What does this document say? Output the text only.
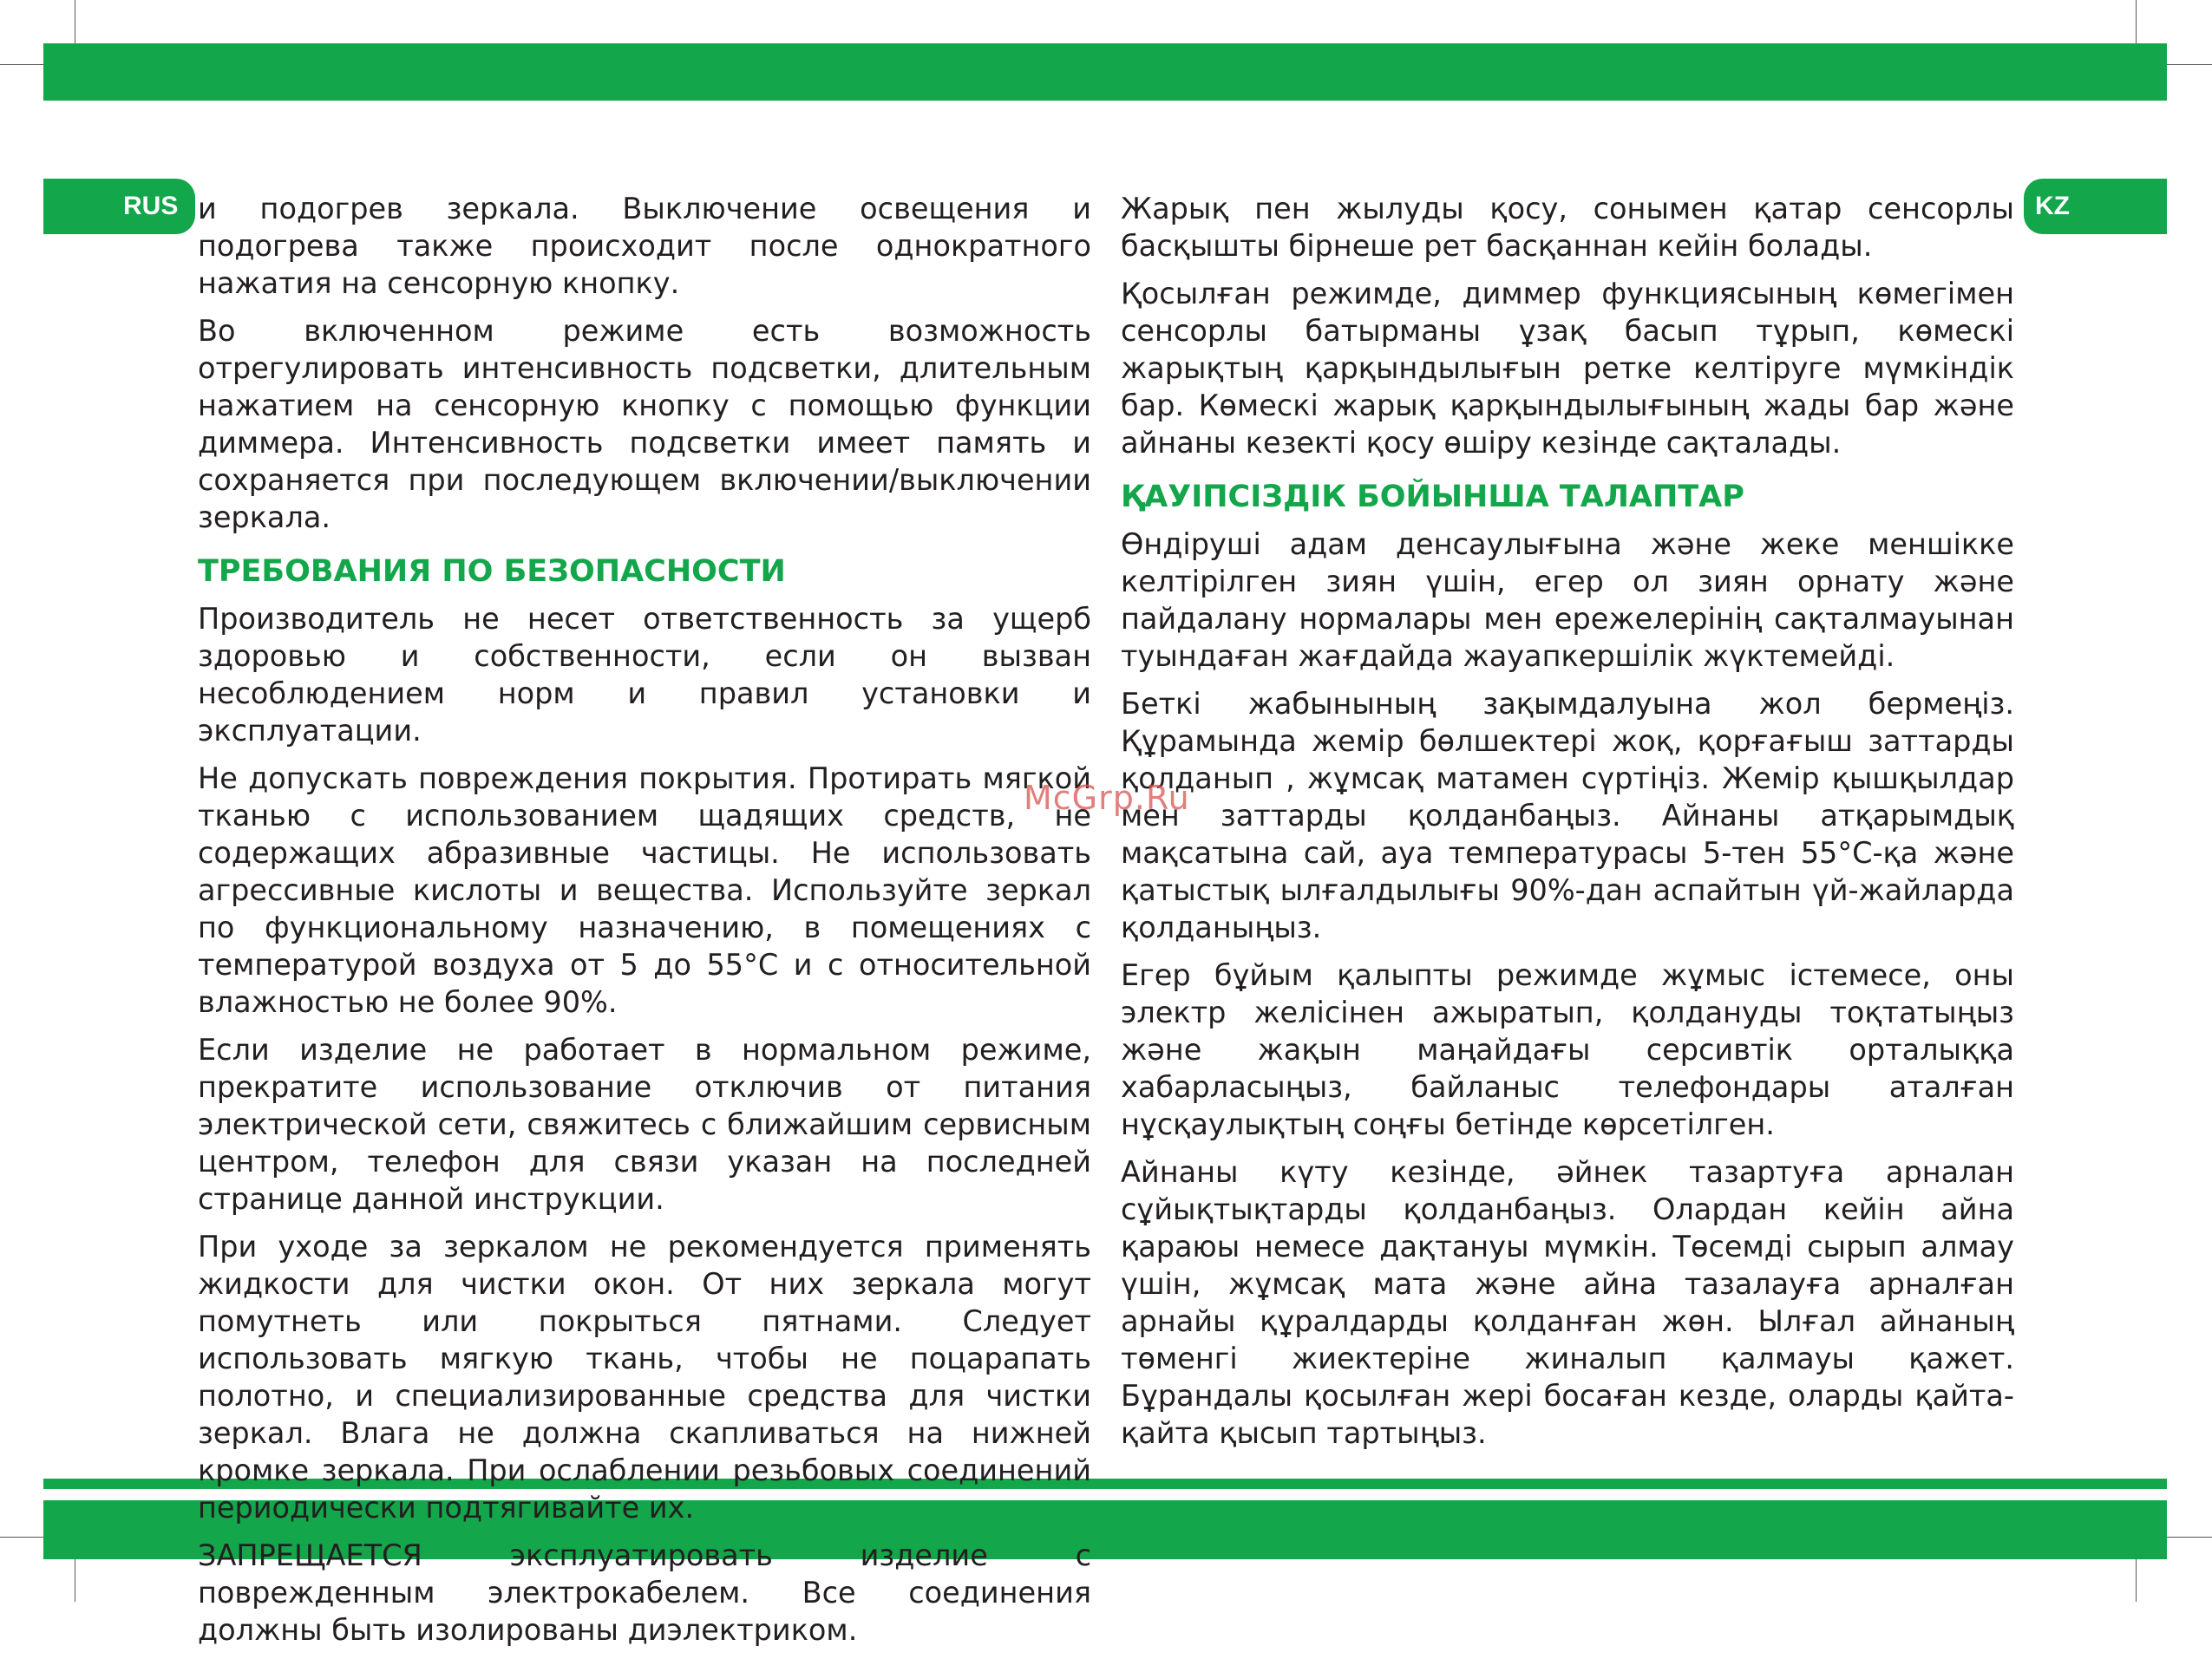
RUS	KZ

и подогрев зеркала. Выключение освещения и подогрева также происходит после однократного нажатия на сенсорную кнопку.

Во включенном режиме есть возможность отрегулировать интенсивность подсветки, длительным нажатием на сенсорную кнопку с помощью функции диммера. Интенсивность подсветки имеет память и сохраняется при последующем включении/выключении зеркала.

ТРЕБОВАНИЯ ПО БЕЗОПАСНОСТИ

Производитель не несет ответственность за ущерб здоровью и собственности, если он вызван несоблюдением норм и правил установки и эксплуатации.

Не допускать повреждения покрытия. Протирать мягкой тканью с использованием щадящих средств, не содержащих абразивные частицы. Не использовать агрессивные кислоты и вещества. Используйте зеркал по функциональному назначению, в помещениях с температурой воздуха от 5 до 55°С и с относительной влажностью не более 90%.

Если изделие не работает в нормальном режиме, прекратите использование отключив от питания электрической сети, свяжитесь с ближайшим сервисным центром, телефон для связи указан на последней странице данной инструкции.

При уходе за зеркалом не рекомендуется применять жидкости для чистки окон. От них зеркала могут помутнеть или покрыться пятнами. Следует использовать мягкую ткань, чтобы не поцарапать полотно, и специализированные средства для чистки зеркал. Влага не должна скапливаться на нижней кромке зеркала. При ослаблении резьбовых соединений периодически подтягивайте их.

ЗАПРЕЩАЕТСЯ эксплуатировать изделие с поврежденным электрокабелем. Все соединения должны быть изолированы диэлектриком.

Жарық пен жылуды қосу, сонымен қатар сенсорлы басқышты бірнеше рет басқаннан кейін болады.

Қосылған режимде, диммер функциясының көмегімен сенсорлы батырманы ұзақ басып тұрып, көмескі жарықтың қарқындылығын ретке келтіруге мүмкіндік бар. Көмескі жарық қарқындылығының жады бар және айнаны кезекті қосу өшіру кезінде сақталады.

ҚАУІПСІЗДІК БОЙЫНША ТАЛАПТАР

Өндіруші адам денсаулығына және жеке меншікке келтірілген зиян үшін, егер ол зиян орнату және пайдалану нормалары мен ережелерінің сақталмауынан туындаған жағдайда жауапкершілік жүктемейді.

Беткі жабынының зақымдалуына жол бермеңіз. Құрамында жемір бөлшектері жоқ, қорғағыш заттарды қолданып , жұмсақ матамен сүртіңіз. Жемір қышқылдар мен заттарды қолданбаңыз. Айнаны атқарымдық мақсатына сай, ауа температурасы 5-тен 55°С-қа және қатыстық ылғалдылығы 90%-дан аспайтын үй-жайларда қолданыңыз.

Егер бұйым қалыпты режимде жұмыс істемесе, оны электр желісінен ажыратып, қолдануды тоқтатыңыз және жақын маңайдағы серсивтік орталыққа хабарласыңыз, байланыс телефондары аталған нұсқаулықтың соңғы бетінде көрсетілген.

Айнаны күту кезінде, әйнек тазартуға арналан сұйықтықтарды қолданбаңыз. Олардан кейін айна қараюы немесе дақтануы мүмкін. Төсемді сырып алмау үшін, жұмсақ мата және айна тазалауға арналған арнайы құралдарды қолданған жөн. Ылғал айнаның төменгі жиектеріне жиналып қалмауы қажет. Бұрандалы қосылған жері босаған кезде, оларды қайта-қайта қысып тартыңыз.

McGrp.Ru
